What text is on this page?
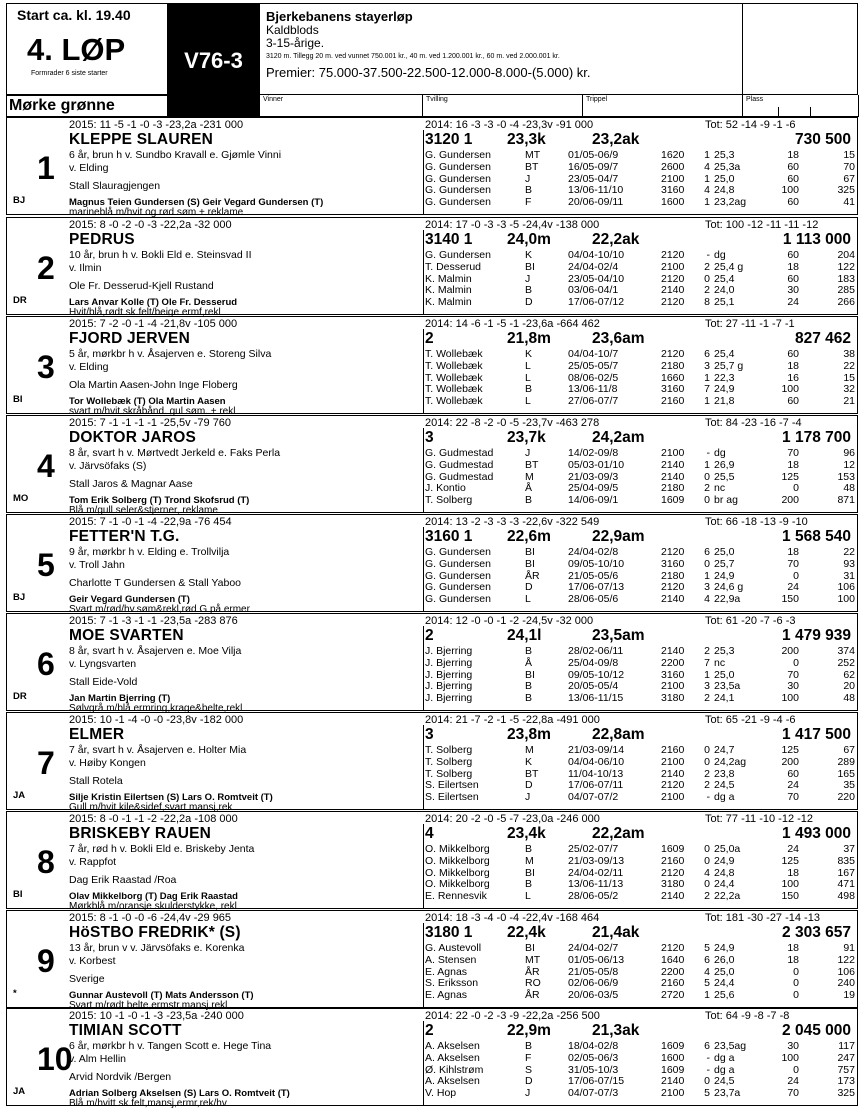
Start ca. kl. 19.40
4. LØP
Formrader 6 siste starter
V76-3
Bjerkebanens stayerløp
Kaldblods
3-15-årige.
3120 m. Tillegg 20 m. ved vunnet 750.001 kr., 40 m. ved 1.200.001 kr., 60 m. ved 2.000.001 kr.
Premier: 75.000-37.500-22.500-12.000-8.000-(5.000) kr.
Mørke grønne	Vinner	Tvilling	Trippel	Plass
2015: 11 -5 -1 -0 -3 -23,2a -231 000	2014: 16 -3 -3 -0 -4 -23,3v -91 000	Tot: 52 -14 -9 -1 -6
KLEPPE SLAUREN	3120 1 23,3k	23,2ak	730 500
1
BJ
6 år, brun h v. Sundbo Kravall e. Gjømle Vinni
v. Elding
Stall Slauragjengen
Magnus Teien Gundersen (S) Geir Vegard Gundersen (T)
marineblå m/hvit og rød søm + reklame
G. Gundersen	MT	01/05-06/9	1620	1 25,3	18	15
G. Gundersen	BT	16/05-09/7	2600	4 25,3a	60	70
G. Gundersen	J	23/05-04/7	2100	1 25,0	60	67
G. Gundersen	B	13/06-11/10	3160	4 24,8	100	325
G. Gundersen	F	20/06-09/11	1600	1 23,2ag	60	41
2015: 8 -0 -2 -0 -3 -22,2a -32 000	2014: 17 -0 -3 -3 -5 -24,4v -138 000	Tot: 100 -12 -11 -11 -12
PEDRUS	3140 1 24,0m	22,2ak	1 113 000
2
DR
10 år, brun h v. Bokli Eld e. Steinsvad II
v. Ilmin
Ole Fr. Desserud-Kjell Rustand
Lars Anvar Kolle (T) Ole Fr. Desserud
Hvit/blå,rødt sk.felt/beige ermf,rekl
G. Gundersen	K	04/04-10/10	2120	- dg	60	204
T. Desserud	BI	24/04-02/4	2100	2 25,4 g	18	122
K. Malmin	J	23/05-04/10	2120	0 25,4	60	183
K. Malmin	B	03/06-04/1	2140	2 24,0	30	285
K. Malmin	D	17/06-07/12	2120	8 25,1	24	266
2015: 7 -2 -0 -1 -4 -21,8v -105 000	2014: 14 -6 -1 -5 -1 -23,6a -664 462	Tot: 27 -11 -1 -7 -1
FJORD JERVEN	2	21,8m	23,6am	827 462
3
BI
5 år, mørkbr h v. Åsajerven e. Storeng Silva
v. Elding
Ola Martin Aasen-John Inge Floberg
Tor Wollebæk (T) Ola Martin Aasen
svart m/hvit skråbånd. gul søm. + rekl
T. Wollebæk	K	04/04-10/7	2120	6 25,4	60	38
T. Wollebæk	L	25/05-05/7	2180	3 25,7 g	18	22
T. Wollebæk	L	08/06-02/5	1660	1 22,3	16	15
T. Wollebæk	B	13/06-11/8	3160	7 24,9	100	32
T. Wollebæk	L	27/06-07/7	2160	1 21,8	60	21
2015: 7 -1 -1 -1 -1 -25,5v -79 760	2014: 22 -8 -2 -0 -5 -23,7v -463 278	Tot: 84 -23 -16 -7 -4
DOKTOR JAROS	3	23,7k	24,2am	1 178 700
4
MO
8 år, svart h v. Mørtvedt Jerkeld e. Faks Perla
v. Järvsöfaks (S)
Stall Jaros & Magnar Aase
Tom Erik Solberg (T) Trond Skofsrud (T)
Blå m/gull seler&stjerner, reklame
G. Gudmestad	J	14/02-09/8	2100	- dg	70	96
G. Gudmestad	BT	05/03-01/10	2140	1 26,9	18	12
G. Gudmestad	M	21/03-09/3	2140	0 25,5	125	153
J. Kontio	Å	25/04-09/5	2180	2 nc	0	48
T. Solberg	B	14/06-09/1	1609	0 br ag	200	871
2015: 7 -1 -0 -1 -4 -22,9a -76 454	2014: 13 -2 -3 -3 -3 -22,6v -322 549	Tot: 66 -18 -13 -9 -10
FETTER'N T.G.	3160 1 22,6m	22,9am	1 568 540
5
BJ
9 år, mørkbr h v. Elding e. Trollvilja
v. Troll Jahn
Charlotte T Gundersen & Stall Yaboo
Geir Vegard Gundersen (T)
Svart m/rød/hv.søm&rekl,rød G på ermer
G. Gundersen	BI	24/04-02/8	2120	6 25,0	18	22
G. Gundersen	BI	09/05-10/10	3160	0 25,7	70	93
G. Gundersen	ÅR	21/05-05/6	2180	1 24,9	0	31
G. Gundersen	D	17/06-07/13	2120	3 24,6 g	24	106
G. Gundersen	L	28/06-05/6	2140	4 22,9a	150	100
2015: 7 -1 -3 -1 -1 -23,5a -283 876	2014: 12 -0 -0 -1 -2 -24,5v -32 000	Tot: 61 -20 -7 -6 -3
MOE SVARTEN	2	24,1l	23,5am	1 479 939
6
DR
8 år, svart h v. Åsajerven e. Moe Vilja
v. Lyngsvarten
Stall Eide-Vold
Jan Martin Bjerring (T)
Sølvgrå m/blå ermring,krage&belte,rekl
J. Bjerring	B	28/02-06/11	2140	2 25,3	200	374
J. Bjerring	Å	25/04-09/8	2200	7 nc	0	252
J. Bjerring	BI	09/05-10/12	3160	1 25,0	70	62
J. Bjerring	B	20/05-05/4	2100	3 23,5a	30	20
J. Bjerring	B	13/06-11/15	3180	2 24,1	100	48
2015: 10 -1 -4 -0 -0 -23,8v -182 000	2014: 21 -7 -2 -1 -5 -22,8a -491 000	Tot: 65 -21 -9 -4 -6
ELMER	3	23,8m	22,8am	1 417 500
7
JA
7 år, svart h v. Åsajerven e. Holter Mia
v. Høiby Kongen
Stall Rotela
Silje Kristin Eilertsen (S) Lars O. Romtveit (T)
Gull m/hvit kile&sidef,svart mansj,rek
T. Solberg	M	21/03-09/14	2160	0 24,7	125	67
T. Solberg	K	04/04-06/10	2100	0 24,2ag	200	289
T. Solberg	BT	11/04-10/13	2140	2 23,8	60	165
S. Eilertsen	D	17/06-07/11	2120	2 24,5	24	35
S. Eilertsen	J	04/07-07/2	2100	- dg a	70	220
2015: 8 -0 -1 -1 -2 -22,2a -108 000	2014: 20 -2 -0 -5 -7 -23,0a -246 000	Tot: 77 -11 -10 -12 -12
BRISKEBY RAUEN	4	23,4k	22,2am	1 493 000
8
BI
7 år, rød h v. Bokli Eld e. Briskeby Jenta
v. Rappfot
Dag Erik Raastad /Roa
Olav Mikkelborg (T) Dag Erik Raastad
Mørkblå m/oransje skulderstykke, rekl
O. Mikkelborg	B	25/02-07/7	1609	0 25,0a	24	37
O. Mikkelborg	M	21/03-09/13	2160	0 24,9	125	835
O. Mikkelborg	BI	24/04-02/11	2120	4 24,8	18	167
O. Mikkelborg	B	13/06-11/13	3180	0 24,4	100	471
E. Rennesvik	L	28/06-05/2	2140	2 22,2a	150	498
2015: 8 -1 -0 -0 -6 -24,4v -29 965	2014: 18 -3 -4 -0 -4 -22,4v -168 464	Tot: 181 -30 -27 -14 -13
HöSTBO FREDRIK* (S)	3180 1 22,4k	21,4ak	2 303 657
9
*
13 år, brun v v. Järvsöfaks e. Korenka
v. Korbest
Sverige
Gunnar Austevoll (T) Mats Andersson (T)
Svart m/rødt belte,ermstr,mansj,rekl
G. Austevoll	BI	24/04-02/7	2120	5 24,9	18	91
A. Stensen	MT	01/05-06/13	1640	6 26,0	18	122
E. Agnas	ÅR	21/05-05/8	2200	4 25,0	0	106
S. Eriksson	RO	02/06-06/9	2160	5 24,4	0	240
E. Agnas	ÅR	20/06-03/5	2720	1 25,6	0	19
2015: 10 -1 -0 -1 -3 -23,5a -240 000	2014: 22 -0 -2 -3 -9 -22,2a -256 500	Tot: 64 -9 -8 -7 -8
TIMIAN SCOTT	2	22,9m	21,3ak	2 045 000
10
JA
6 år, mørkbr h v. Tangen Scott e. Hege Tina
v. Alm Hellin
Arvid Nordvik /Bergen
Adrian Solberg Akselsen (S) Lars O. Romtveit (T)
Blå m/hvitt sk.felt,mansj,ermr,rek/hv
A. Akselsen	B	18/04-02/8	1609	6 23,5ag	30	117
A. Akselsen	F	02/05-06/3	1600	- dg a	100	247
Ø. Kihlstrøm	S	31/05-10/3	1609	- dg a	0	757
A. Akselsen	D	17/06-07/15	2140	0 24,5	24	173
V. Hop	J	04/07-07/3	2100	5 23,7a	70	325
